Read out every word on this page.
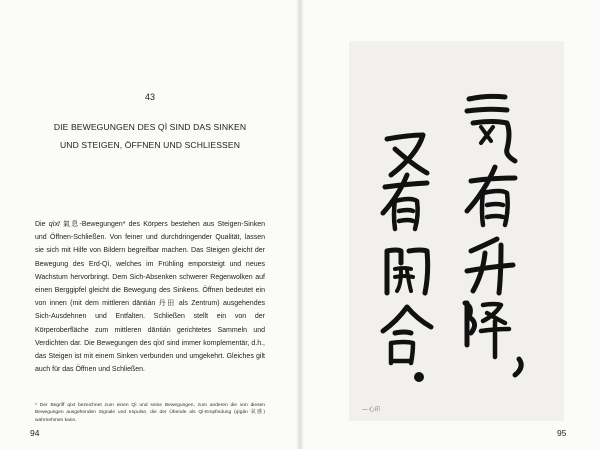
43
DIE BEWEGUNGEN DES QÌ SIND DAS SINKEN
UND STEIGEN, ÖFFNEN UND SCHLIESSEN

Die qìxī 氣息-Bewegungen* des Körpers bestehen aus Steigen-Sinken und Öffnen-Schließen. Von feiner und durchdringender Qualität, lassen sie sich mit Hilfe von Bildern begreifbar machen. Das Steigen gleicht der Bewegung des Erd-Qì, welches im Frühling emporsteigt und neues Wachstum hervorbringt. Dem Sich-Absenken schwerer Regenwolken auf einen Berggipfel gleicht die Bewegung des Sinkens. Öffnen bedeutet ein von innen (mit dem mittleren dāntián 丹田 als Zentrum) ausgehendes Sich-Ausdehnen und Entfalten. Schließen stellt ein von der Körperoberfläche zum mittleren dāntián gerichtetes Sammeln und Verdichten dar. Die Bewegungen des qìxī sind immer komplementär, d.h., das Steigen ist mit einem Sinken verbunden und umgekehrt. Gleiches gilt auch für das Öffnen und Schließen.

* Der Begriff qìxī bezeichnet zum einen Qì und seine Bewegungen, zum anderen die von diesen Bewegungen ausgehenden Signale und Impulse, die der Übende als Qì-Empfindung (qìgǎn 氣感) wahrnehmen kann.
94	95
— 心印
